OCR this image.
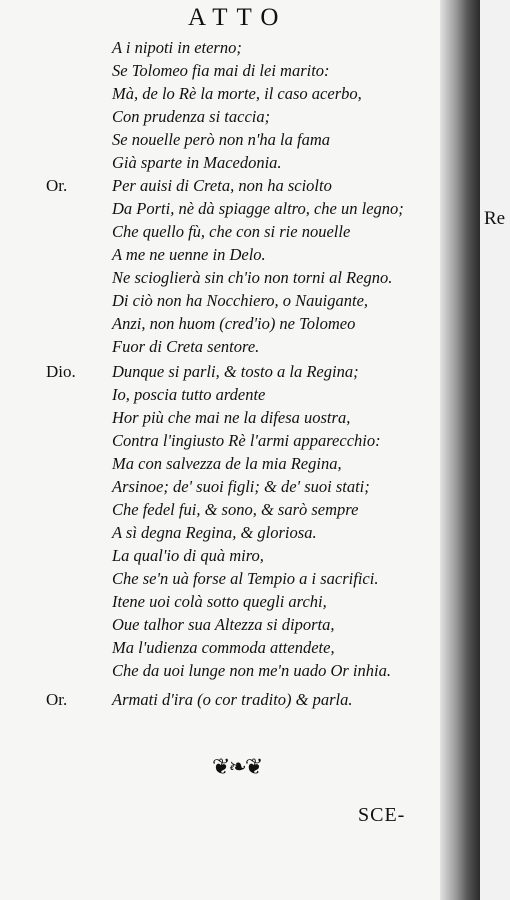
ATTO
Or.
Dio.
Or.
A i nipoti in eterno;
Se Tolomeo fia mai di lei marito:
Mà, de lo Rè la morte, il caso acerbo,
Con prudenza si taccia;
Se nouelle però non n'ha la fama
Già sparte in Macedonia.
Per auisi di Creta, non ha sciolto
Da Porti, nè dà spiagge altro, che un legno;
Che quello fù, che con si rie nouelle
A me ne uenne in Delo.
Ne scioglierà sin ch'io non torni al Regno.
Di ciò non ha Nocchiero, o Nauigante,
Anzi, non huom (cred'io) ne Tolomeo
Fuor di Creta sentore.
Dunque si parli, & tosto a la Regina;
Io, poscia tutto ardente
Hor più che mai ne la difesa uostra,
Contra l'ingiusto Rè l'armi apparecchio:
Ma con salvezza de la mia Regina,
Arsinoe; de' suoi figli; & de' suoi stati;
Che fedel fui, & sono, & sarò sempre
A sì degna Regina, & gloriosa.
La qual'io di quà miro,
Che se'n uà forse al Tempio a i sacrifici.
Itene uoi colà sotto quegli archi,
Oue talhor sua Altezza si diporta,
Ma l'udienza commoda attendete,
Che da uoi lunge non me'n uado Or inhia.
Armati d'ira (o cor tradito) & parla.
❦❧❦
SCE-
Re
